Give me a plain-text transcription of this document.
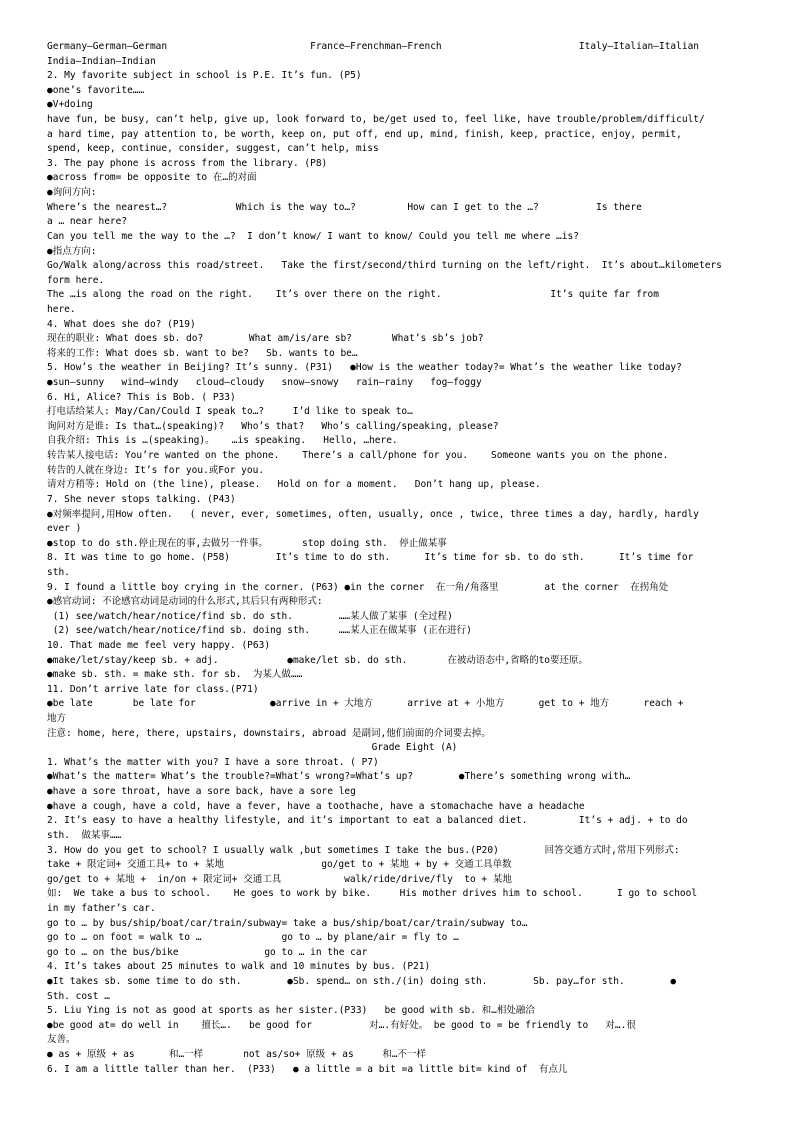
Germany—German—German                         France—Frenchman—French                        Italy—Italian—Italian
India—Indian—Indian
2. My favorite subject in school is P.E. It’s fun. (P5)
●one’s favorite……
●V+doing
have fun, be busy, can’t help, give up, look forward to, be/get used to, feel like, have trouble/problem/difficult/
a hard time, pay attention to, be worth, keep on, put off, end up, mind, finish, keep, practice, enjoy, permit,
spend, keep, continue, consider, suggest, can’t help, miss
3. The pay phone is across from the library. (P8)
●across from= be opposite to 在…的对面
●询问方向:
Where’s the nearest…?            Which is the way to…?         How can I get to the …?          Is there
a … near here?
Can you tell me the way to the …?  I don’t know/ I want to know/ Could you tell me where …is?
●指点方向:
Go/Walk along/across this road/street.   Take the first/second/third turning on the left/right.  It’s about…kilometers
form here.
The …is along the road on the right.    It’s over there on the right.                   It’s quite far from
here.
4. What does she do? (P19)
现在的职业: What does sb. do?        What am/is/are sb?       What’s sb’s job?
将来的工作: What does sb. want to be?   Sb. wants to be…
5. How’s the weather in Beijing? It’s sunny. (P31)   ●How is the weather today?= What’s the weather like today?
●sun—sunny   wind—windy   cloud—cloudy   snow—snowy   rain—rainy   fog—foggy
6. Hi, Alice? This is Bob. ( P33)
打电话给某人: May/Can/Could I speak to…?     I’d like to speak to…
询问对方是谁: Is that…(speaking)?   Who’s that?   Who’s calling/speaking, please?
自我介绍: This is …(speaking)。   …is speaking.   Hello, …here.
转告某人接电话: You’re wanted on the phone.    There’s a call/phone for you.    Someone wants you on the phone.
转告的人就在身边: It’s for you.或For you.
请对方稍等: Hold on (the line), please.   Hold on for a moment.   Don’t hang up, please.
7. She never stops talking. (P43)
●对频率提问,用How often.   ( never, ever, sometimes, often, usually, once , twice, three times a day, hardly, hardly
ever )
●stop to do sth.停止现在的事,去做另一件事。      stop doing sth.  停止做某事
8. It was time to go home. (P58)        It’s time to do sth.      It’s time for sb. to do sth.      It’s time for
sth.
9. I found a little boy crying in the corner. (P63) ●in the corner  在一角/角落里        at the corner  在拐角处
●感官动词: 不论感官动词是动词的什么形式,其后只有两种形式:
(1) see/watch/hear/notice/find sb. do sth.        ……某人做了某事 (全过程)
(2) see/watch/hear/notice/find sb. doing sth.     ……某人正在做某事 (正在进行)
10. That made me feel very happy. (P63)
●make/let/stay/keep sb. + adj.            ●make/let sb. do sth.       在被动语态中,省略的to要还原。
●make sb. sth. = make sth. for sb.  为某人做……
11. Don’t arrive late for class.(P71)
●be late       be late for             ●arrive in + 大地方      arrive at + 小地方      get to + 地方      reach +
地方
注意: home, here, there, upstairs, downstairs, abroad 是副词,他们前面的介词要去掉。
Grade Eight (A)
1. What’s the matter with you? I have a sore throat. ( P7)
●What’s the matter= What’s the trouble?=What’s wrong?=What’s up?        ●There’s something wrong with…
●have a sore throat, have a sore back, have a sore leg
●have a cough, have a cold, have a fever, have a toothache, have a stomachache have a headache
2. It’s easy to have a healthy lifestyle, and it’s important to eat a balanced diet.         It’s + adj. + to do
sth.  做某事……
3. How do you get to school? I usually walk ,but sometimes I take the bus.(P20)        回答交通方式时,常用下列形式:
take + 限定词+ 交通工具+ to + 某地                 go/get to + 某地 + by + 交通工具单数
go/get to + 某地 +  in/on + 限定词+ 交通工具           walk/ride/drive/fly  to + 某地
如:  We take a bus to school.    He goes to work by bike.     His mother drives him to school.      I go to school
in my father’s car.
go to … by bus/ship/boat/car/train/subway= take a bus/ship/boat/car/train/subway to…
go to … on foot = walk to …              go to … by plane/air = fly to …
go to … on the bus/bike               go to … in the car
4. It’s takes about 25 minutes to walk and 10 minutes by bus. (P21)
●It takes sb. some time to do sth.        ●Sb. spend… on sth./(in) doing sth.        Sb. pay…for sth.        ●
Sth. cost …
5. Liu Ying is not as good at sports as her sister.(P33)   be good with sb. 和…相处融洽
●be good at= do well in    擅长….   be good for          对….有好处。 be good to = be friendly to   对….很
友善。
● as + 原级 + as      和…一样       not as/so+ 原级 + as     和…不一样
6. I am a little taller than her.  (P33)   ● a little = a bit =a little bit= kind of  有点儿
